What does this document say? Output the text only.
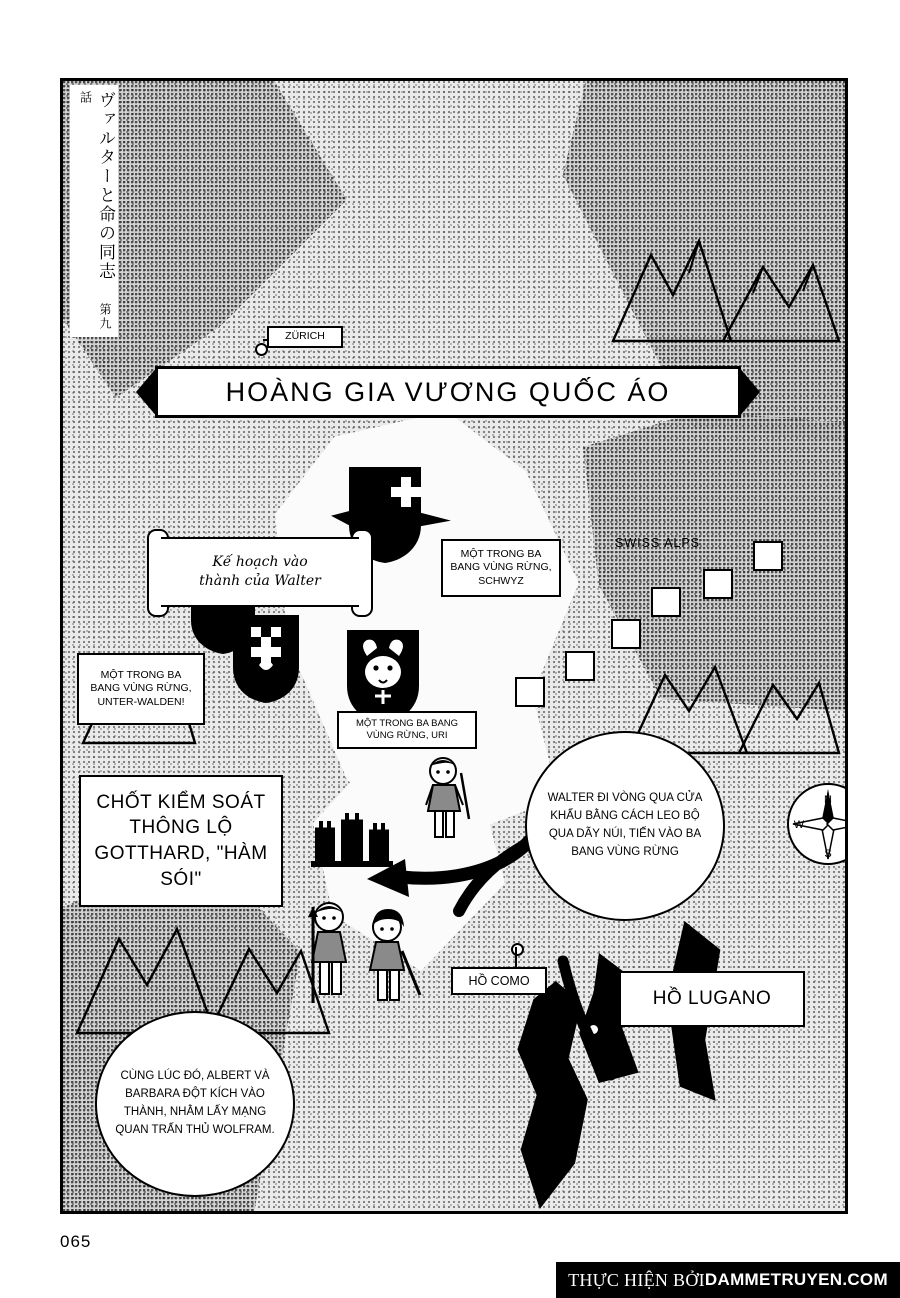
ZÜRICH
SWISS ALPS
MỘT TRONG BA BANG VÙNG RỪNG, SCHWYZ
MỘT TRONG BA BANG VÙNG RỪNG, UNTER-WALDEN!
MỘT TRONG BA BANG VÙNG RỪNG, URI
CHỐT KIỂM SOÁT THÔNG LỘ GOTTHARD, "HÀM SÓI"
HỒ COMO
HỒ LUGANO
N
S
W	O
Kế hoạch vào
thành của Walter
WALTER ĐI VÒNG QUA CỬA KHẨU BẰNG CÁCH LEO BỘ QUA DÃY NÚI, TIẾN VÀO BA BANG VÙNG RỪNG
CÙNG LÚC ĐÓ, ALBERT VÀ BARBARA ĐỘT KÍCH VÀO THÀNH, NHẰM LẤY MẠNG QUAN TRẤN THỦ WOLFRAM.
HOÀNG GIA VƯƠNG QUỐC ÁO
ヴァルターと命の同志 第九話
065
THỰC HIỆN BỞI DAMMETRUYEN.COM
